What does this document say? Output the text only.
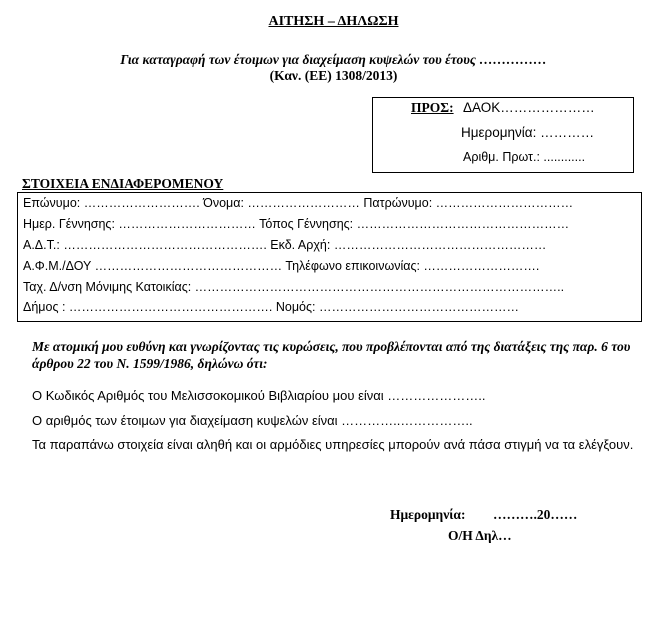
ΑΙΤΗΣΗ – ΔΗΛΩΣΗ
Για καταγραφή των έτοιμων για διαχείμαση κυψελών του έτους ……………
(Καν. (ΕΕ) 1308/2013)
ΠΡΟΣ: ΔΑΟΚ…………………
Ημερομηνία: …………
Αριθμ. Πρωτ.: ............
ΣΤΟΙΧΕΙΑ ΕΝΔΙΑΦΕΡΟΜΕΝΟΥ
Επώνυμο: ………………………. Όνομα: ……………………… Πατρώνυμο: ……………………………
Ημερ. Γέννησης: …………………………… Τόπος Γέννησης: ……………………………………………
Α.Δ.Τ.: …………………………………………. Εκδ. Αρχή: ……………………………………………
Α.Φ.Μ./ΔΟΥ ……………………………………… Τηλέφωνο επικοινωνίας: ……………………….
Ταχ. Δ/νση Μόνιμης Κατοικίας: ……………………………………………………………………………..
Δήμος : …………………………………………. Νομός: …………………………………………
Με ατομική μου ευθύνη και γνωρίζοντας τις κυρώσεις, που προβλέπονται από της διατάξεις της παρ. 6 του άρθρου 22 του Ν. 1599/1986, δηλώνω ότι:
Ο Κωδικός Αριθμός του Μελισσοκομικού Βιβλιαρίου μου είναι …………………..
Ο αριθμός των έτοιμων για διαχείμαση κυψελών είναι …………..……………..
Τα παραπάνω στοιχεία είναι αληθή και οι αρμόδιες υπηρεσίες μπορούν ανά πάσα στιγμή να τα ελέγξουν.
Ημερομηνία: ……….20……
Ο/Η Δηλ…
